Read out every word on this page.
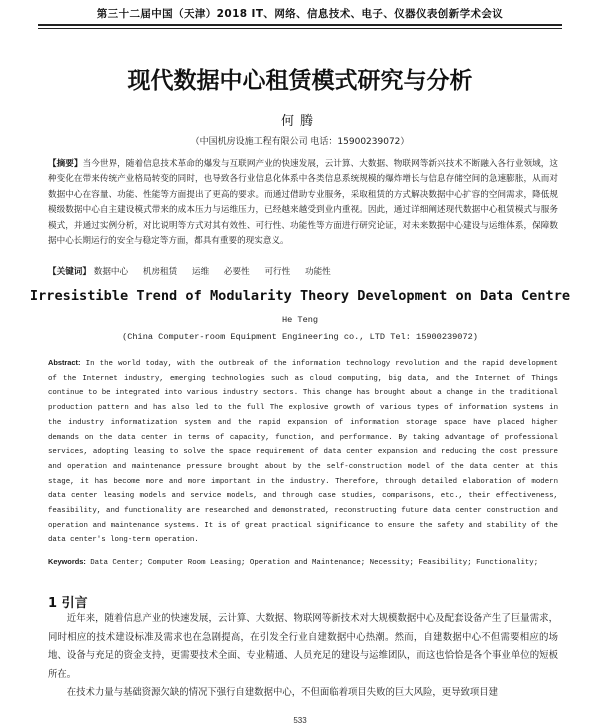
第三十二届中国（天津）2018 IT、网络、信息技术、电子、仪器仪表创新学术会议
现代数据中心租赁模式研究与分析
何腾
（中国机房设施工程有限公司 电话：15900239072）
【摘要】当今世界，随着信息技术革命的爆发与互联网产业的快速发展，云计算、大数据、物联网等新兴技术不断融入各行业领域，这种变化在带来传统产业格局转变的同时，也导致各行业信息化体系中各类信息系统规模的爆炸增长与信息存储空间的急速膨胀，从而对数据中心在容量、功能、性能等方面提出了更高的要求。而通过借助专业服务，采取租赁的方式解决数据中心扩容的空间需求，降低规模级数据中心自主建设模式带来的成本压力与运维压力，已经越来越受到业内重视。因此，通过详细阐述现代数据中心租赁模式与服务模式，并通过实例分析，对比说明等方式对其有效性、可行性、功能性等方面进行研究论证，对未来数据中心建设与运维体系，保障数据中心长期运行的安全与稳定等方面，都具有重要的现实意义。
【关键词】 数据中心 机房租赁 运维 必要性 可行性 功能性
Irresistible Trend of Modularity Theory Development on Data Centre
He Teng
(China Computer-room Equipment Engineering co., LTD Tel: 15900239072)
Abstract: In the world today, with the outbreak of the information technology revolution and the rapid development of the Internet industry, emerging technologies such as cloud computing, big data, and the Internet of Things continue to be integrated into various industry sectors. This change has brought about a change in the traditional production pattern and has also led to the full The explosive growth of various types of information systems in the industry informatization system and the rapid expansion of information storage space have placed higher demands on the data center in terms of capacity, function, and performance. By taking advantage of professional services, adopting leasing to solve the space requirement of data center expansion and reducing the cost pressure and operation and maintenance pressure brought about by the self-construction model of the data center at this stage, it has become more and more important in the industry. Therefore, through detailed elaboration of modern data center leasing models and service models, and through case studies, comparisons, etc., their effectiveness, feasibility, and functionality are researched and demonstrated, reconstructing future data center construction and operation and maintenance systems. It is of great practical significance to ensure the safety and stability of the data center's long-term operation.
Keywords: Data Center; Computer Room Leasing; Operation and Maintenance; Necessity; Feasibility; Functionality;
1 引言
近年来，随着信息产业的快速发展，云计算、大数据、物联网等新技术对大规模数据中心及配套设备产生了巨量需求，同时相应的技术建设标准及需求也在急剧提高，在引发全行业自建数据中心热潮。然而，自建数据中心不但需要相应的场地、设备与充足的资金支持，更需要技术全面、专业精通、人员充足的建设与运维团队，而这也恰恰是各个事业单位的短板所在。
在技术力量与基础资源欠缺的情况下强行自建数据中心，不但面临着项目失败的巨大风险，更导致项目建
533
